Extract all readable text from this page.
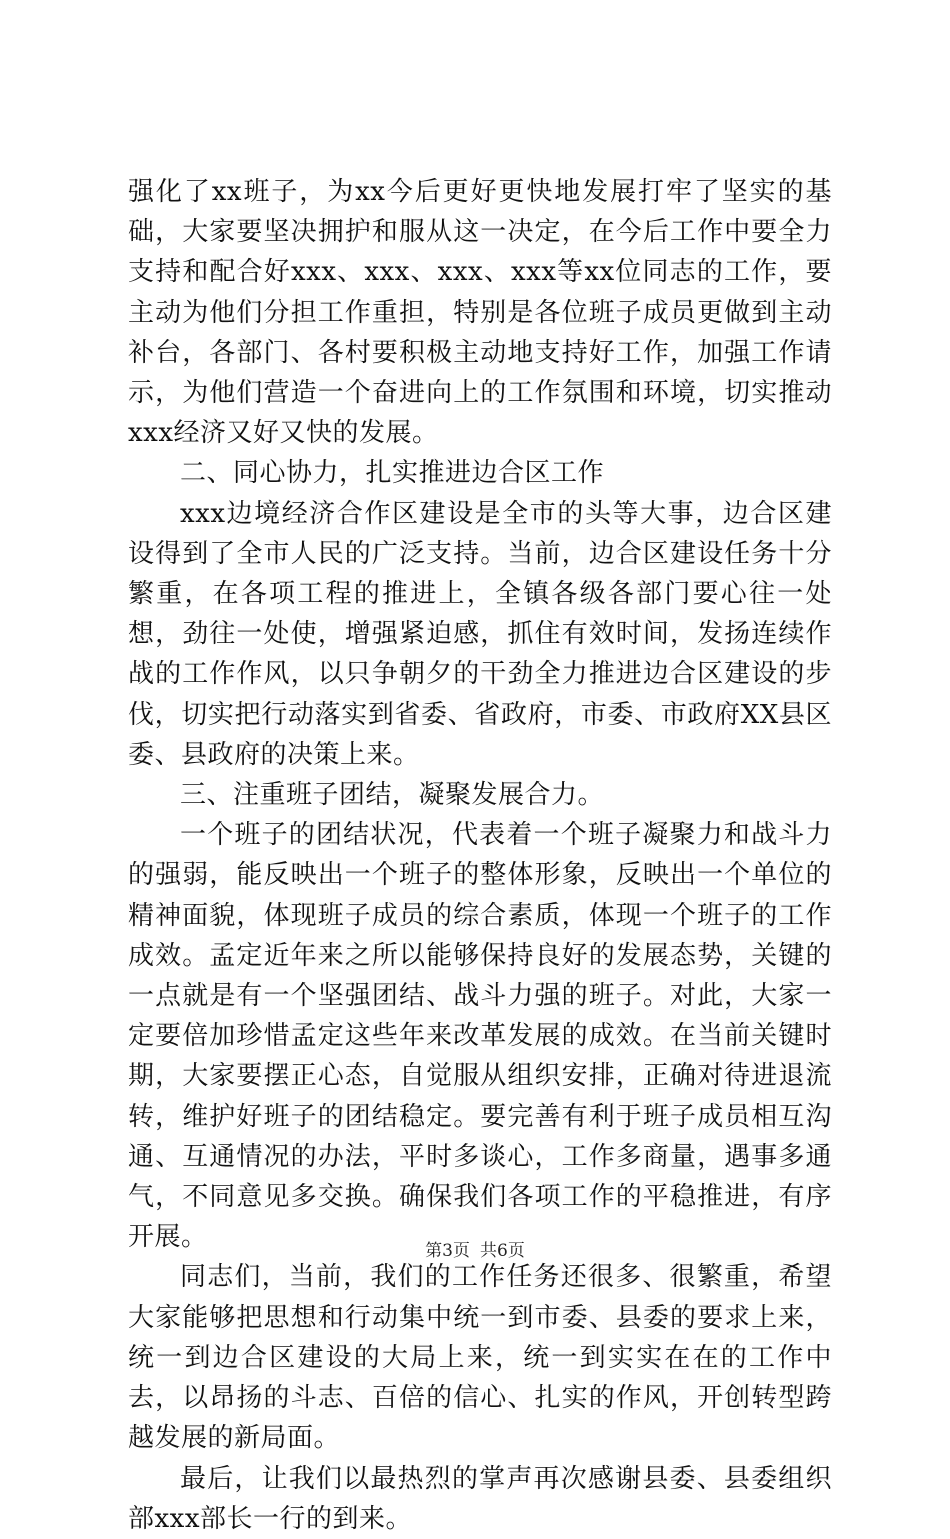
强化了xx班子，为xx今后更好更快地发展打牢了坚实的基础，大家要坚决拥护和服从这一决定，在今后工作中要全力支持和配合好xxx、xxx、xxx、xxx等xx位同志的工作，要主动为他们分担工作重担，特别是各位班子成员更做到主动补台，各部门、各村要积极主动地支持好工作，加强工作请示，为他们营造一个奋进向上的工作氛围和环境，切实推动xxx经济又好又快的发展。

二、同心协力，扎实推进边合区工作

xxx边境经济合作区建设是全市的头等大事，边合区建设得到了全市人民的广泛支持。当前，边合区建设任务十分繁重，在各项工程的推进上，全镇各级各部门要心往一处想，劲往一处使，增强紧迫感，抓住有效时间，发扬连续作战的工作作风，以只争朝夕的干劲全力推进边合区建设的步伐，切实把行动落实到省委、省政府，市委、市政府XX县区委、县政府的决策上来。

三、注重班子团结，凝聚发展合力。

一个班子的团结状况，代表着一个班子凝聚力和战斗力的强弱，能反映出一个班子的整体形象，反映出一个单位的精神面貌，体现班子成员的综合素质，体现一个班子的工作成效。孟定近年来之所以能够保持良好的发展态势，关键的一点就是有一个坚强团结、战斗力强的班子。对此，大家一定要倍加珍惜孟定这些年来改革发展的成效。在当前关键时期，大家要摆正心态，自觉服从组织安排，正确对待进退流转，维护好班子的团结稳定。要完善有利于班子成员相互沟通、互通情况的办法，平时多谈心，工作多商量，遇事多通气，不同意见多交换。确保我们各项工作的平稳推进，有序开展。

同志们，当前，我们的工作任务还很多、很繁重，希望大家能够把思想和行动集中统一到市委、县委的要求上来，统一到边合区建设的大局上来，统一到实实在在的工作中去，以昂扬的斗志、百倍的信心、扎实的作风，开创转型跨越发展的新局面。

最后，让我们以最热烈的掌声再次感谢县委、县委组织部xxx部长一行的到来。

第3页 共6页
